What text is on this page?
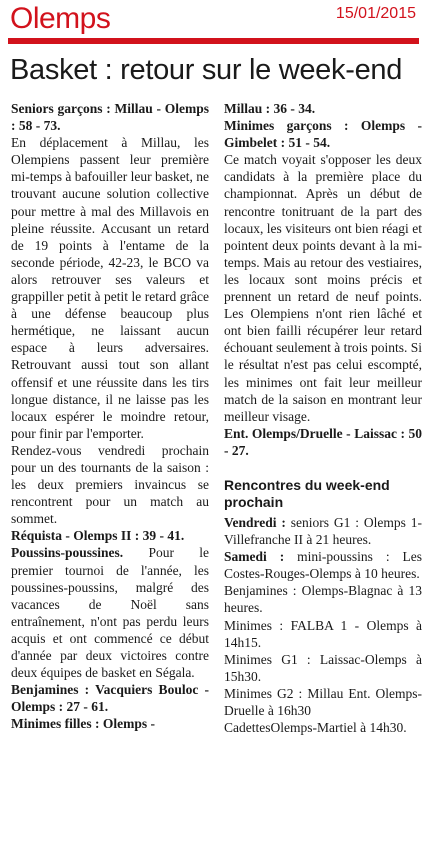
Olemps	15/01/2015
Basket : retour sur le week-end

Seniors garçons : Millau - Olemps : 58 - 73.

En déplacement à Millau, les Olempiens passent leur première mi-temps à bafouiller leur basket, ne trouvant aucune solution collective pour mettre à mal des Millavois en pleine réussite. Accusant un retard de 19 points à l'entame de la seconde période, 42-23, le BCO va alors retrouver ses valeurs et grappiller petit à petit le retard grâce à une défense beaucoup plus hermétique, ne laissant aucun espace à leurs adversaires. Retrouvant aussi tout son allant offensif et une réussite dans les tirs longue distance, il ne laisse pas les locaux espérer le moindre retour, pour finir par l'emporter.

Rendez-vous vendredi prochain pour un des tournants de la saison : les deux premiers invaincus se rencontrent pour un match au sommet.

Réquista - Olemps II : 39 - 41.

Poussins-poussines. Pour le premier tournoi de l'année, les poussines-poussins, malgré des vacances de Noël sans entraînement, n'ont pas perdu leurs acquis et ont commencé ce début d'année par deux victoires contre deux équipes de basket en Ségala.

Benjamines : Vacquiers Bouloc - Olemps : 27 - 61.

Minimes filles : Olemps -

Millau : 36 - 34.

Minimes garçons : Olemps - Gimbelet : 51 - 54.

Ce match voyait s'opposer les deux candidats à la première place du championnat. Après un début de rencontre tonitruant de la part des locaux, les visiteurs ont bien réagi et pointent deux points devant à la mi-temps. Mais au retour des vestiaires, les locaux sont moins précis et prennent un retard de neuf points. Les Olempiens n'ont rien lâché et ont bien failli récupérer leur retard échouant seulement à trois points. Si le résultat n'est pas celui escompté, les minimes ont fait leur meilleur match de la saison en montrant leur meilleur visage.

Ent. Olemps/Druelle - Laissac : 50 - 27.

Rencontres du week-end prochain

Vendredi : seniors G1 : Olemps 1- Villefranche II à 21 heures.

Samedi : mini-poussins : Les Costes-Rouges-Olemps à 10 heures.

Benjamines : Olemps-Blagnac à 13 heures.

Minimes : FALBA 1 - Olemps à 14h15.

Minimes G1 : Laissac-Olemps à 15h30.

Minimes G2 : Millau Ent. Olemps-Druelle à 16h30

CadettesOlemps-Martiel à 14h30.
